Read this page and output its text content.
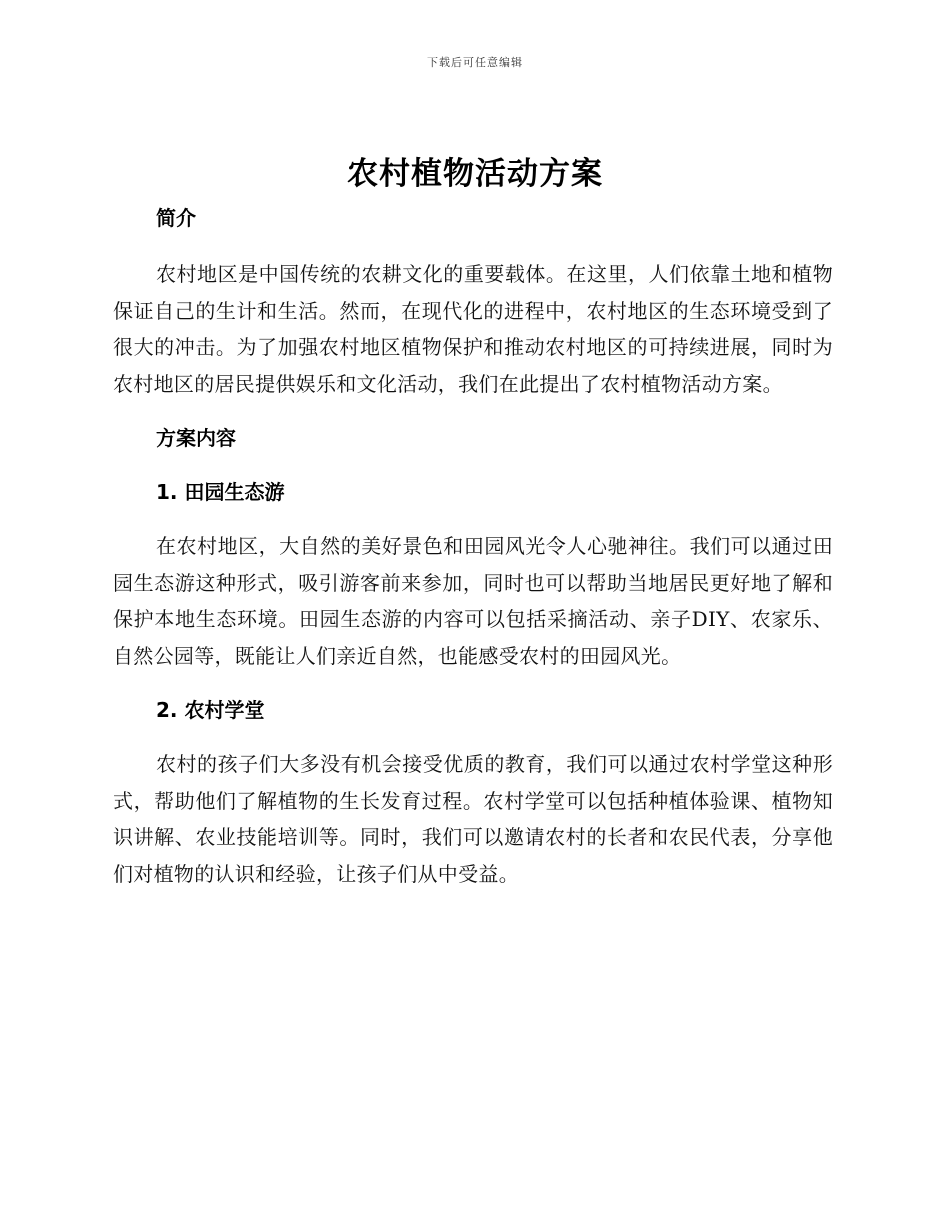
下载后可任意编辑
农村植物活动方案
简介

农村地区是中国传统的农耕文化的重要载体。在这里，人们依靠土地和植物保证自己的生计和生活。然而，在现代化的进程中，农村地区的生态环境受到了很大的冲击。为了加强农村地区植物保护和推动农村地区的可持续进展，同时为农村地区的居民提供娱乐和文化活动，我们在此提出了农村植物活动方案。

方案内容
1. 田园生态游

在农村地区，大自然的美好景色和田园风光令人心驰神往。我们可以通过田园生态游这种形式，吸引游客前来参加，同时也可以帮助当地居民更好地了解和保护本地生态环境。田园生态游的内容可以包括采摘活动、亲子DIY、农家乐、自然公园等，既能让人们亲近自然，也能感受农村的田园风光。

2. 农村学堂

农村的孩子们大多没有机会接受优质的教育，我们可以通过农村学堂这种形式，帮助他们了解植物的生长发育过程。农村学堂可以包括种植体验课、植物知识讲解、农业技能培训等。同时，我们可以邀请农村的长者和农民代表，分享他们对植物的认识和经验，让孩子们从中受益。
